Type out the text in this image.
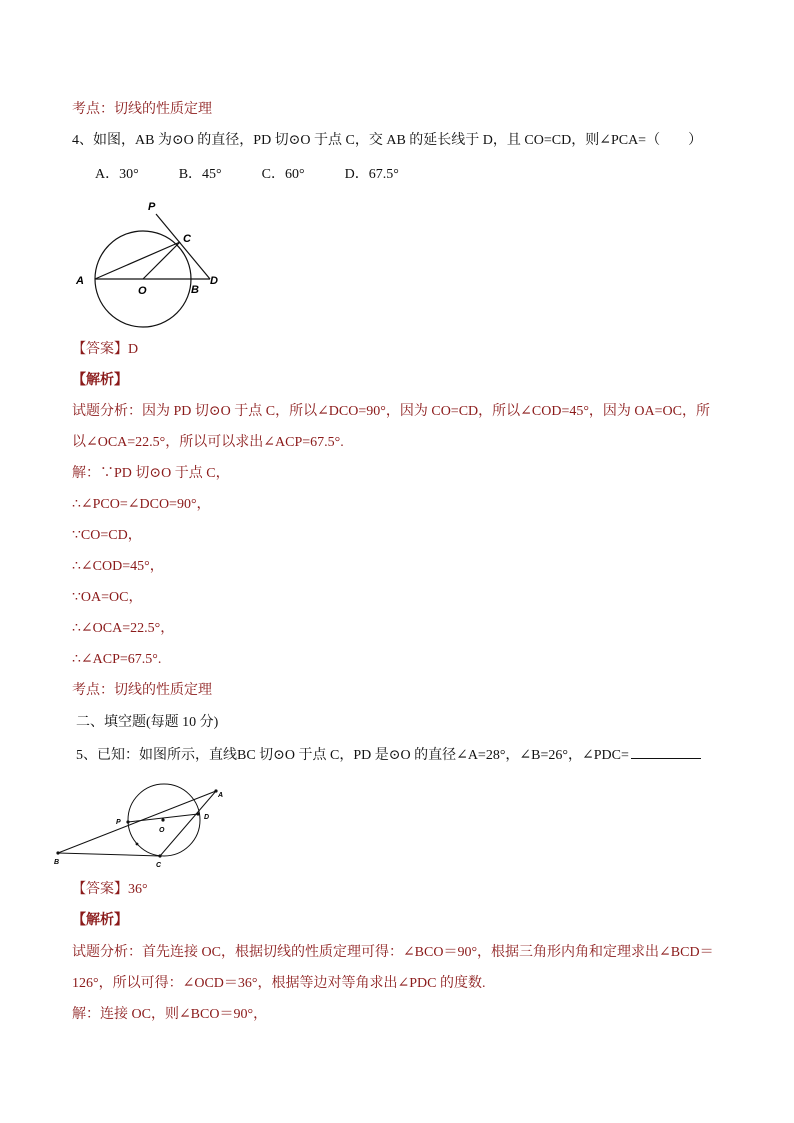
考点：切线的性质定理
4、如图，AB 为⊙O 的直径，PD 切⊙O 于点 C，交 AB 的延长线于 D，且 CO=CD，则∠PCA=（　　）
A．30°	B．45°	C．60°	D．67.5°
P
C
A
O	B
D
【答案】D
【解析】
试题分析：因为 PD 切⊙O 于点 C，所以∠DCO=90°，因为 CO=CD，所以∠COD=45°，因为 OA=OC，所
以∠OCA=22.5°，所以可以求出∠ACP=67.5°.
解：∵PD 切⊙O 于点 C，
∴∠PCO=∠DCO=90°，
∵CO=CD，
∴∠COD=45°，
∵OA=OC，
∴∠OCA=22.5°，
∴∠ACP=67.5°.
考点：切线的性质定理
二、填空题(每题 10 分)
5、已知：如图所示，直线BC 切⊙O 于点 C，PD 是⊙O 的直径∠A=28°，∠B=26°，∠PDC=
A
P
O
D
B	C
【答案】36°
【解析】
试题分析：首先连接 OC，根据切线的性质定理可得：∠BCO＝90°，根据三角形内角和定理求出∠BCD＝
126°，所以可得：∠OCD＝36°，根据等边对等角求出∠PDC 的度数.
解：连接 OC，则∠BCO＝90°，
